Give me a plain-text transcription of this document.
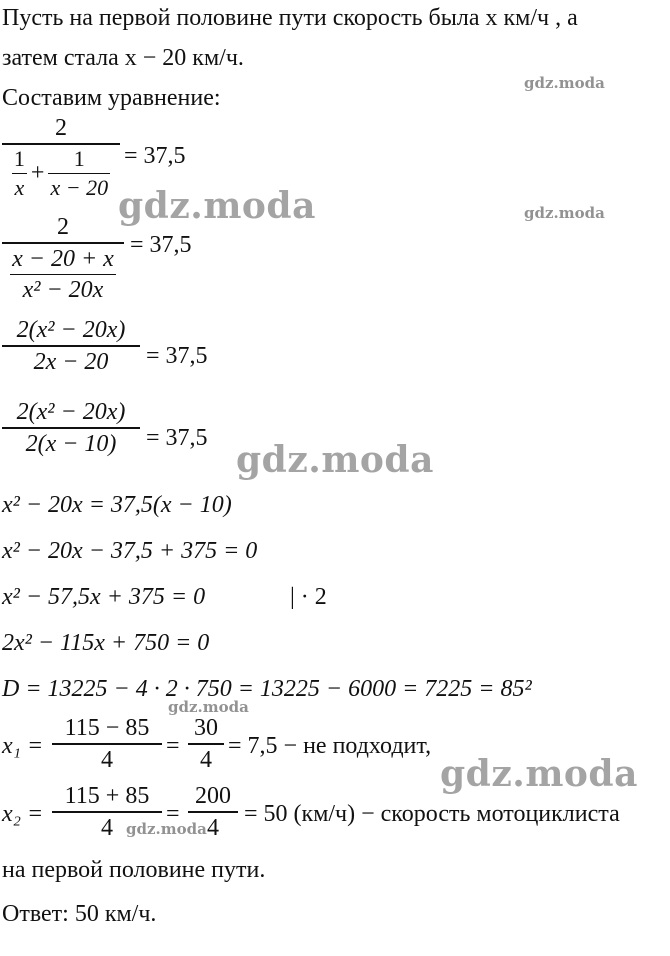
Пусть на первой половине пути скорость была x км/ч , а
затем стала x − 20 км/ч.
Составим уравнение:
2
$\frac{1}{x} + \frac{1}{x - 20} = 37,5$
2
x − 20 + x
x² − 20x
= 37,5
2(x² − 20x)
2x − 20 = 37,5
2(x² − 20x)
2(x − 10) = 37,5
x² − 20x = 37,5(x − 10)
x² − 20x − 37,5 + 375 = 0
x² − 57,5x + 375 = 0	| · 2
2x² − 115x + 750 = 0
D = 13225 − 4 · 2 · 750 = 13225 − 6000 = 7225 = 85²
x₁ =
115 − 85
4
=
30
4
= 7,5 − не подходит,
x₂ =
115 + 85
4
=
200
4
= 50 (км/ч) − скорость мотоциклиста
на первой половине пути.
Ответ: 50 км/ч.
gdz.moda
gdz.moda	gdz.moda
gdz.moda
gdz.moda
gdz.moda
gdz.moda
